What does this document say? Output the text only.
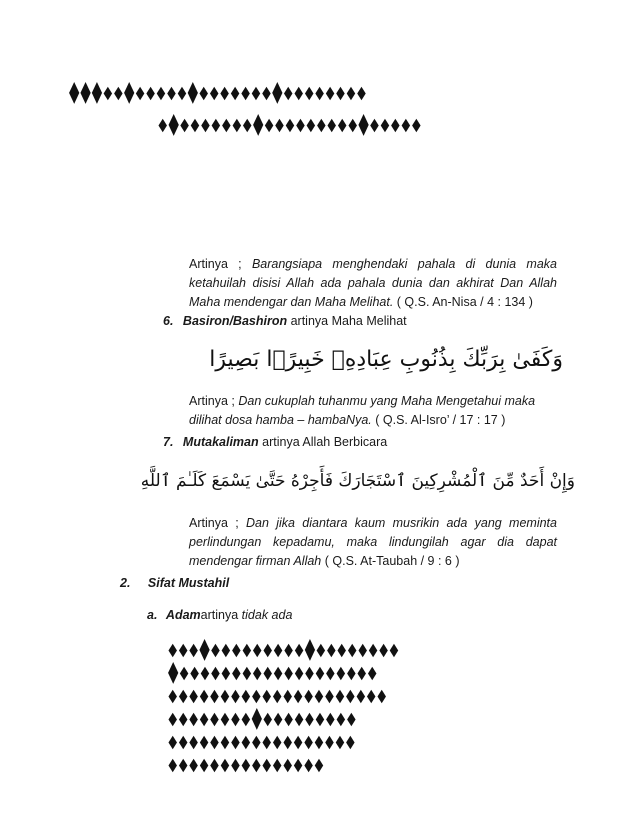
⧫⧫⧫⬧⬧⧫⬧⬧⬧⬧⬧⧫⬧⬧⬧⬧⬧⬧⬧⧫⬧⬧⬧⬧⬧⬧⬧⬧
⬧⧫⬧⬧⬧⬧⬧⬧⬧⧫⬧⬧⬧⬧⬧⬧⬧⬧⬧⧫⬧⬧⬧⬧⬧
Artinya ; Barangsiapa menghendaki pahala di dunia maka ketahuilah disisi Allah ada pahala dunia dan akhirat Dan Allah Maha mendengar dan Maha Melihat. ( Q.S. An-Nisa / 4 : 134 )
6. Basiron/Bashiron artinya Maha Melihat
وَكَفَىٰ بِرَبِّكَ بِذُنُوبِ عِبَادِهِۦ خَبِيرًۢا بَصِيرًا
Artinya ; Dan cukuplah tuhanmu yang Maha Mengetahui maka dilihat dosa hamba – hambaNya. ( Q.S. Al-Isro’ / 17 : 17 )
7. Mutakaliman artinya Allah Berbicara
وَإِنْ أَحَدٌ مِّنَ ٱلْمُشْرِكِينَ ٱسْتَجَارَكَ فَأَجِرْهُ حَتَّىٰ يَسْمَعَ كَلَـٰمَ ٱللَّهِ
Artinya ; Dan jika diantara kaum musrikin ada yang meminta perlindungan kepadamu, maka lindungilah agar dia dapat mendengar firman Allah ( Q.S. At-Taubah / 9 : 6 )
2. Sifat Mustahil
a. Adamartinya tidak ada
⬧⬧⬧⧫⬧⬧⬧⬧⬧⬧⬧⬧⬧⧫⬧⬧⬧⬧⬧⬧⬧⬧
⧫⬧⬧⬧⬧⬧⬧⬧⬧⬧⬧⬧⬧⬧⬧⬧⬧⬧⬧⬧
⬧⬧⬧⬧⬧⬧⬧⬧⬧⬧⬧⬧⬧⬧⬧⬧⬧⬧⬧⬧⬧
⬧⬧⬧⬧⬧⬧⬧⬧⧫⬧⬧⬧⬧⬧⬧⬧⬧⬧
⬧⬧⬧⬧⬧⬧⬧⬧⬧⬧⬧⬧⬧⬧⬧⬧⬧⬧
⬧⬧⬧⬧⬧⬧⬧⬧⬧⬧⬧⬧⬧⬧⬧
